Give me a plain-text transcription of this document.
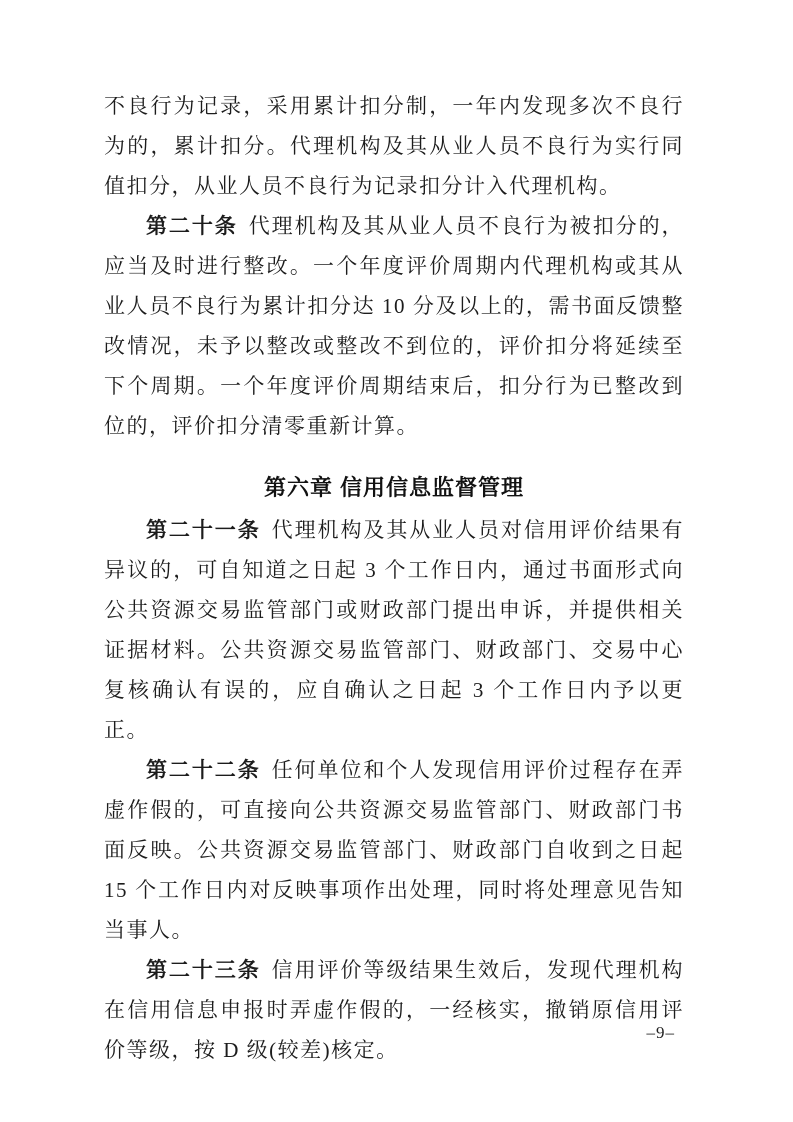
不良行为记录，采用累计扣分制，一年内发现多次不良行为的，累计扣分。代理机构及其从业人员不良行为实行同值扣分，从业人员不良行为记录扣分计入代理机构。

第二十条 代理机构及其从业人员不良行为被扣分的，应当及时进行整改。一个年度评价周期内代理机构或其从业人员不良行为累计扣分达 10 分及以上的，需书面反馈整改情况，未予以整改或整改不到位的，评价扣分将延续至下个周期。一个年度评价周期结束后，扣分行为已整改到位的，评价扣分清零重新计算。

第六章 信用信息监督管理

第二十一条 代理机构及其从业人员对信用评价结果有异议的，可自知道之日起 3 个工作日内，通过书面形式向公共资源交易监管部门或财政部门提出申诉，并提供相关证据材料。公共资源交易监管部门、财政部门、交易中心复核确认有误的，应自确认之日起 3 个工作日内予以更正。

第二十二条 任何单位和个人发现信用评价过程存在弄虚作假的，可直接向公共资源交易监管部门、财政部门书面反映。公共资源交易监管部门、财政部门自收到之日起 15 个工作日内对反映事项作出处理，同时将处理意见告知当事人。

第二十三条 信用评价等级结果生效后，发现代理机构在信用信息申报时弄虚作假的，一经核实，撤销原信用评价等级，按 D 级(较差)核定。

–9–
